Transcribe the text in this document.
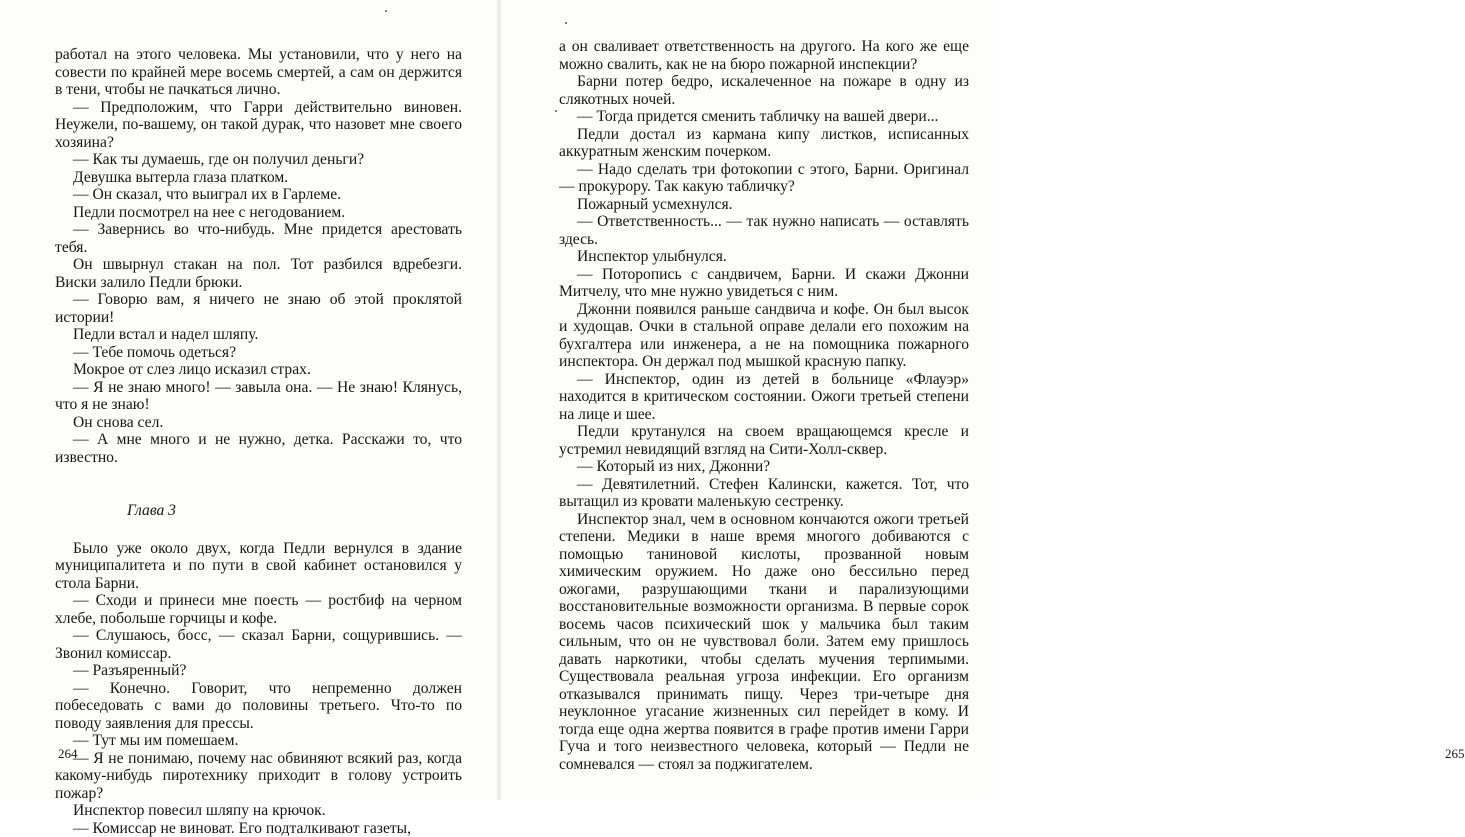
работал на этого человека. Мы установили, что у него на совести по крайней мере восемь смертей, а сам он держится в тени, чтобы не пачкаться лично.

— Предположим, что Гарри действительно виновен. Неужели, по-вашему, он такой дурак, что назовет мне своего хозяина?

— Как ты думаешь, где он получил деньги?

Девушка вытерла глаза платком.

— Он сказал, что выиграл их в Гарлеме.

Педли посмотрел на нее с негодованием.

— Завернись во что-нибудь. Мне придется арестовать тебя.

Он швырнул стакан на пол. Тот разбился вдребезги. Виски залило Педли брюки.

— Говорю вам, я ничего не знаю об этой проклятой истории!

Педли встал и надел шляпу.

— Тебе помочь одеться?

Мокрое от слез лицо исказил страх.

— Я не знаю много! — завыла она. — Не знаю! Клянусь, что я не знаю!

Он снова сел.

— А мне много и не нужно, детка. Расскажи то, что известно.

Глава 3

Было уже около двух, когда Педли вернулся в здание муниципалитета и по пути в свой кабинет остановился у стола Барни.

— Сходи и принеси мне поесть — ростбиф на черном хлебе, побольше горчицы и кофе.

— Слушаюсь, босс, — сказал Барни, сощурившись. — Звонил комиссар.

— Разъяренный?

— Конечно. Говорит, что непременно должен побеседовать с вами до половины третьего. Что-то по поводу заявления для прессы.

— Тут мы им помешаем.

— Я не понимаю, почему нас обвиняют всякий раз, когда какому-нибудь пиротехнику приходит в голову устроить пожар?

Инспектор повесил шляпу на крючок.

— Комиссар не виноват. Его подталкивают газеты,

264

а он сваливает ответственность на другого. На кого же еще можно свалить, как не на бюро пожарной инспекции?

Барни потер бедро, искалеченное на пожаре в одну из слякотных ночей.

— Тогда придется сменить табличку на вашей двери...

Педли достал из кармана кипу листков, исписанных аккуратным женским почерком.

— Надо сделать три фотокопии с этого, Барни. Оригинал — прокурору. Так какую табличку?

Пожарный усмехнулся.

— Ответственность... — так нужно написать — оставлять здесь.

Инспектор улыбнулся.

— Поторопись с сандвичем, Барни. И скажи Джонни Митчелу, что мне нужно увидеться с ним.

Джонни появился раньше сандвича и кофе. Он был высок и худощав. Очки в стальной оправе делали его похожим на бухгалтера или инженера, а не на помощника пожарного инспектора. Он держал под мышкой красную папку.

— Инспектор, один из детей в больнице «Флауэр» находится в критическом состоянии. Ожоги третьей степени на лице и шее.

Педли крутанулся на своем вращающемся кресле и устремил невидящий взгляд на Сити-Холл-сквер.

— Который из них, Джонни?

— Девятилетний. Стефен Калински, кажется. Тот, что вытащил из кровати маленькую сестренку.

Инспектор знал, чем в основном кончаются ожоги третьей степени. Медики в наше время многого добиваются с помощью таниновой кислоты, прозванной новым химическим оружием. Но даже оно бессильно перед ожогами, разрушающими ткани и парализующими восстановительные возможности организма. В первые сорок восемь часов психический шок у мальчика был таким сильным, что он не чувствовал боли. Затем ему пришлось давать наркотики, чтобы сделать мучения терпимыми. Существовала реальная угроза инфекции. Его организм отказывался принимать пищу. Через три-четыре дня неуклонное угасание жизненных сил перейдет в кому. И тогда еще одна жертва появится в графе против имени Гарри Гуча и того неизвестного человека, который — Педли не сомневался — стоял за поджигателем.

265
